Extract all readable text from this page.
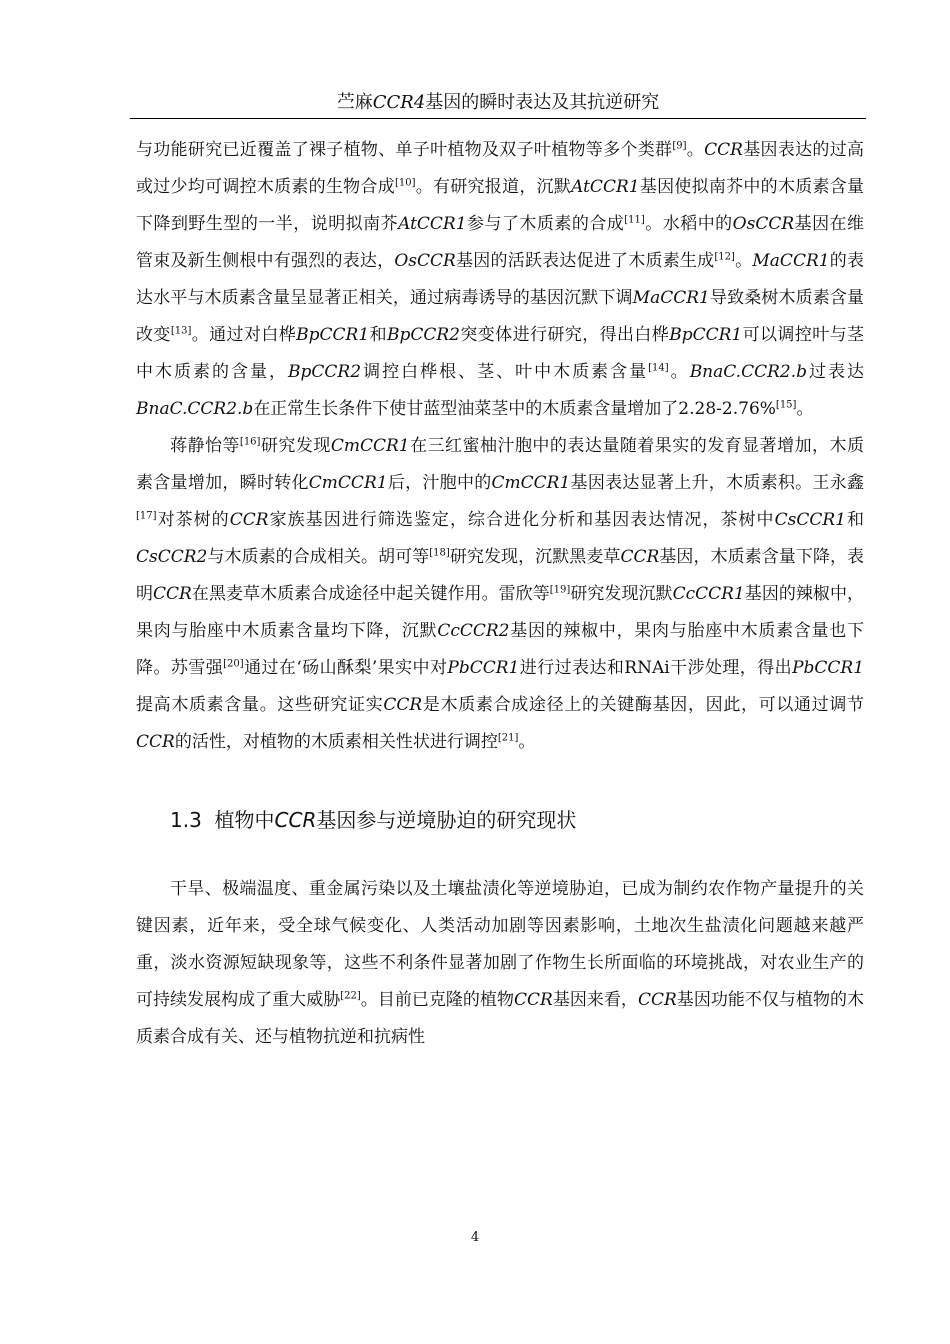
苎麻CCR4基因的瞬时表达及其抗逆研究

与功能研究已近覆盖了裸子植物、单子叶植物及双子叶植物等多个类群[9]。CCR基因表达的过高或过少均可调控木质素的生物合成[10]。有研究报道，沉默AtCCR1基因使拟南芥中的木质素含量下降到野生型的一半，说明拟南芥AtCCR1参与了木质素的合成[11]。水稻中的OsCCR基因在维管束及新生侧根中有强烈的表达，OsCCR基因的活跃表达促进了木质素生成[12]。MaCCR1的表达水平与木质素含量呈显著正相关，通过病毒诱导的基因沉默下调MaCCR1导致桑树木质素含量改变[13]。通过对白桦BpCCR1和BpCCR2突变体进行研究，得出白桦BpCCR1可以调控叶与茎中木质素的含量，BpCCR2调控白桦根、茎、叶中木质素含量[14]。BnaC.CCR2.b过表达BnaC.CCR2.b在正常生长条件下使甘蓝型油菜茎中的木质素含量增加了2.28-2.76%[15]。

蒋静怡等[16]研究发现CmCCR1在三红蜜柚汁胞中的表达量随着果实的发育显著增加，木质素含量增加，瞬时转化CmCCR1后，汁胞中的CmCCR1基因表达显著上升，木质素积。王永鑫[17]对茶树的CCR家族基因进行筛选鉴定，综合进化分析和基因表达情况，茶树中CsCCR1和CsCCR2与木质素的合成相关。胡可等[18]研究发现，沉默黑麦草CCR基因，木质素含量下降，表明CCR在黑麦草木质素合成途径中起关键作用。雷欣等[19]研究发现沉默CcCCR1基因的辣椒中，果肉与胎座中木质素含量均下降，沉默CcCCR2基因的辣椒中，果肉与胎座中木质素含量也下降。苏雪强[20]通过在‘砀山酥梨’果实中对PbCCR1进行过表达和RNAi干涉处理，得出PbCCR1提高木质素含量。这些研究证实CCR是木质素合成途径上的关键酶基因，因此，可以通过调节CCR的活性，对植物的木质素相关性状进行调控[21]。

1.3 植物中CCR基因参与逆境胁迫的研究现状

干旱、极端温度、重金属污染以及土壤盐渍化等逆境胁迫，已成为制约农作物产量提升的关键因素，近年来，受全球气候变化、人类活动加剧等因素影响，土地次生盐渍化问题越来越严重，淡水资源短缺现象等，这些不利条件显著加剧了作物生长所面临的环境挑战，对农业生产的可持续发展构成了重大威胁[22]。目前已克隆的植物CCR基因来看，CCR基因功能不仅与植物的木质素合成有关、还与植物抗逆和抗病性

4
